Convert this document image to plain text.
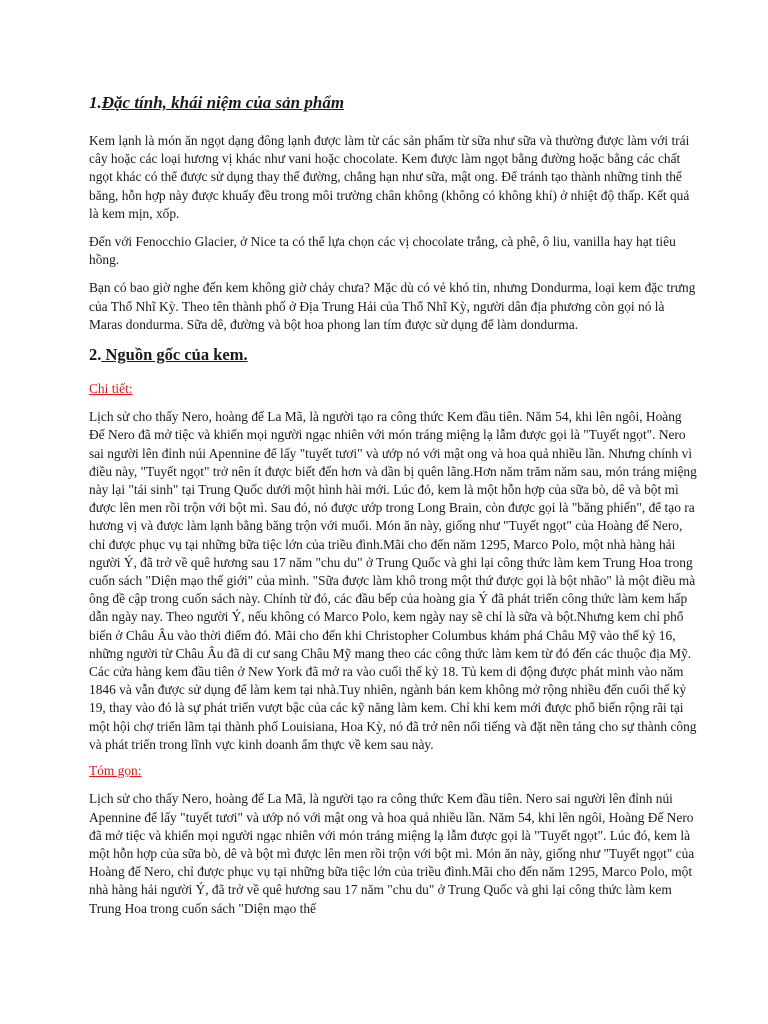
1.Đặc tính, khái niệm của sản phẩm

Kem lạnh là món ăn ngọt dạng đông lạnh được làm từ các sản phẩm từ sữa như sữa và thường được làm với trái cây hoặc các loại hương vị khác như vani hoặc chocolate. Kem được làm ngọt bằng đường hoặc bằng các chất ngọt khác có thể được sử dụng thay thế đường, chẳng hạn như sữa, mật ong. Để tránh tạo thành những tinh thể băng, hỗn hợp này được khuấy đều trong môi trường chân không (không có không khí) ở nhiệt độ thấp. Kết quả là kem mịn, xốp.

Đến với Fenocchio Glacier, ở Nice ta có thể lựa chọn các vị chocolate trắng, cà phê, ô liu, vanilla hay hạt tiêu hồng.

Bạn có bao giờ nghe đến kem không giờ chảy chưa? Mặc dù có vẻ khó tin, nhưng Dondurma, loại kem đặc trưng của Thổ Nhĩ Kỳ. Theo tên thành phố ở Địa Trung Hải của Thổ Nhĩ Kỳ, người dân địa phương còn gọi nó là Maras dondurma. Sữa dê, đường và bột hoa phong lan tím được sử dụng để làm dondurma.

2. Nguồn gốc của kem.

Chi tiết:

Lịch sử cho thấy Nero, hoàng đế La Mã, là người tạo ra công thức Kem đầu tiên. Năm 54, khi lên ngôi, Hoàng Đế Nero đã mở tiệc và khiến mọi người ngạc nhiên với món tráng miệng lạ lẫm được gọi là "Tuyết ngọt". Nero sai người lên đỉnh núi Apennine để lấy "tuyết tươi" và ướp nó với mật ong và hoa quả nhiều lần. Nhưng chính vì điều này, "Tuyết ngọt" trở nên ít được biết đến hơn và dần bị quên lãng.Hơn năm trăm năm sau, món tráng miệng này lại "tái sinh" tại Trung Quốc dưới một hình hài mới. Lúc đó, kem là một hỗn hợp của sữa bò, dê và bột mì được lên men rồi trộn với bột mì. Sau đó, nó được ướp trong Long Brain, còn được gọi là "băng phiến", để tạo ra hương vị và được làm lạnh bằng băng trộn với muối. Món ăn này, giống như "Tuyết ngọt" của Hoàng đế Nero, chỉ được phục vụ tại những bữa tiệc lớn của triều đình.Mãi cho đến năm 1295, Marco Polo, một nhà hàng hải người Ý, đã trở về quê hương sau 17 năm "chu du" ở Trung Quốc và ghi lại công thức làm kem Trung Hoa trong cuốn sách "Diện mạo thế giới" của mình. "Sữa được làm khô trong một thứ được gọi là bột nhão" là một điều mà ông đề cập trong cuốn sách này. Chính từ đó, các đầu bếp của hoàng gia Ý đã phát triển công thức làm kem hấp dẫn ngày nay. Theo người Ý, nếu không có Marco Polo, kem ngày nay sẽ chỉ là sữa và bột.Nhưng kem chỉ phổ biến ở Châu Âu vào thời điểm đó. Mãi cho đến khi Christopher Columbus khám phá Châu Mỹ vào thế kỷ 16, những người từ Châu Âu đã di cư sang Châu Mỹ mang theo các công thức làm kem từ đó đến các thuộc địa Mỹ. Các cửa hàng kem đầu tiên ở New York đã mở ra vào cuối thế kỷ 18. Tủ kem di động được phát minh vào năm 1846 và vẫn được sử dụng để làm kem tại nhà.Tuy nhiên, ngành bán kem không mở rộng nhiều đến cuối thế kỷ 19, thay vào đó là sự phát triển vượt bậc của các kỹ năng làm kem. Chỉ khi kem mới được phổ biến rộng rãi tại một hội chợ triển lãm tại thành phố Louisiana, Hoa Kỳ, nó đã trở nên nổi tiếng và đặt nền tảng cho sự thành công và phát triển trong lĩnh vực kinh doanh ẩm thực về kem sau này.

Tóm gọn:

Lịch sử cho thấy Nero, hoàng đế La Mã, là người tạo ra công thức Kem đầu tiên. Nero sai người lên đỉnh núi Apennine để lấy "tuyết tươi" và ướp nó với mật ong và hoa quả nhiều lần. Năm 54, khi lên ngôi, Hoàng Đế Nero đã mở tiệc và khiến mọi người ngạc nhiên với món tráng miệng lạ lẫm được gọi là "Tuyết ngọt". Lúc đó, kem là một hỗn hợp của sữa bò, dê và bột mì được lên men rồi trộn với bột mì. Món ăn này, giống như "Tuyết ngọt" của Hoàng đế Nero, chỉ được phục vụ tại những bữa tiệc lớn của triều đình.Mãi cho đến năm 1295, Marco Polo, một nhà hàng hải người Ý, đã trở về quê hương sau 17 năm "chu du" ở Trung Quốc và ghi lại công thức làm kem Trung Hoa trong cuốn sách "Diện mạo thế
